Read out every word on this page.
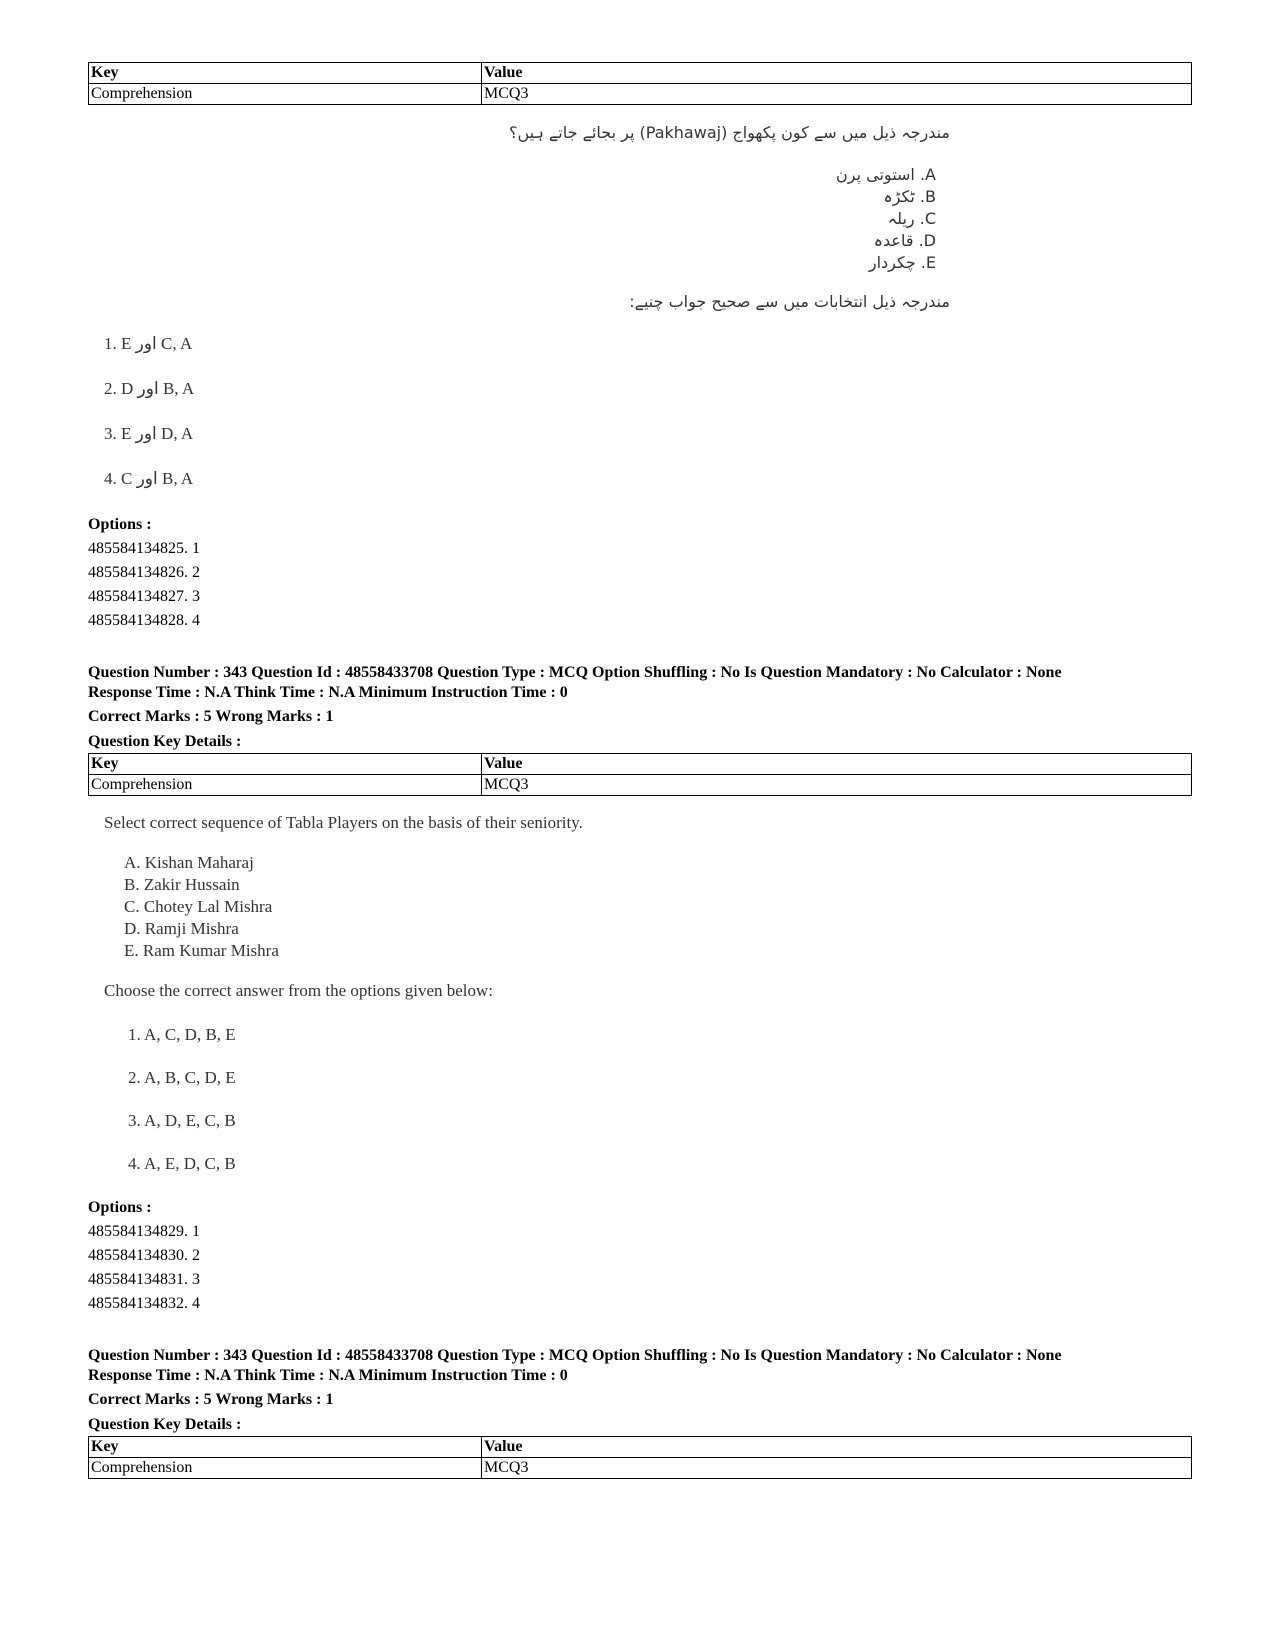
Key	Value
Comprehension	MCQ3
مندرجہ ذیل میں سے کون پکھواج (Pakhawaj) پر بجائے جاتے ہیں؟
A. استوتی پرن
B. ٹکڑہ
C. ریلہ
D. قاعدہ
E. چکردار
مندرجہ ذیل انتخابات میں سے صحیح جواب چنیے:
1. E اور C, A
2. D اور B, A
3. E اور D, A
4. C اور B, A
Options :
485584134825. 1
485584134826. 2
485584134827. 3
485584134828. 4
Question Number : 343 Question Id : 48558433708 Question Type : MCQ Option Shuffling : No Is Question Mandatory : No Calculator : None
Response Time : N.A Think Time : N.A Minimum Instruction Time : 0
Correct Marks : 5 Wrong Marks : 1
Question Key Details :
Key	Value
Comprehension	MCQ3
Select correct sequence of Tabla Players on the basis of their seniority.
A. Kishan Maharaj
B. Zakir Hussain
C. Chotey Lal Mishra
D. Ramji Mishra
E. Ram Kumar Mishra
Choose the correct answer from the options given below:
1. A, C, D, B, E
2. A, B, C, D, E
3. A, D, E, C, B
4. A, E, D, C, B
Options :
485584134829. 1
485584134830. 2
485584134831. 3
485584134832. 4
Question Number : 343 Question Id : 48558433708 Question Type : MCQ Option Shuffling : No Is Question Mandatory : No Calculator : None
Response Time : N.A Think Time : N.A Minimum Instruction Time : 0
Correct Marks : 5 Wrong Marks : 1
Question Key Details :
Key	Value
Comprehension	MCQ3
